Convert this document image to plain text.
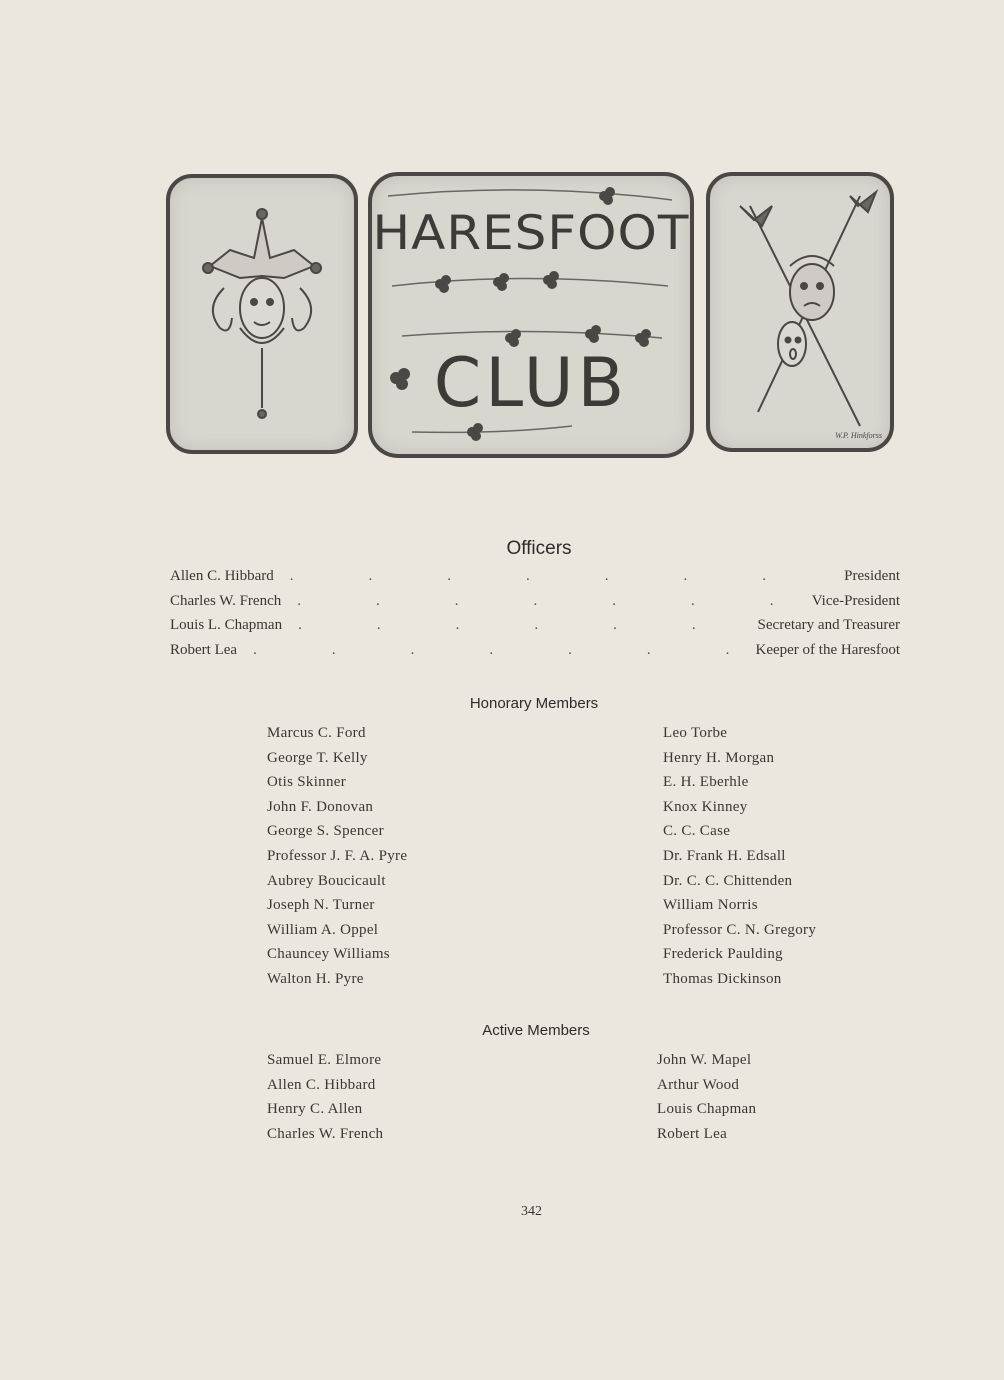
HARESFOOT
CLUB
W.P. Hinkforss
Officers
Allen C. Hibbard .	President
Charles W. French .	Vice-President
Louis L. Chapman .	Secretary and Treasurer
Robert Lea .	Keeper of the Haresfoot
Honorary Members
Marcus C. Ford
George T. Kelly
Otis Skinner
John F. Donovan
George S. Spencer
Professor J. F. A. Pyre
Aubrey Boucicault
Joseph N. Turner
William A. Oppel
Chauncey Williams
Walton H. Pyre
Leo Torbe
Henry H. Morgan
E. H. Eberhle
Knox Kinney
C. C. Case
Dr. Frank H. Edsall
Dr. C. C. Chittenden
William Norris
Professor C. N. Gregory
Frederick Paulding
Thomas Dickinson
Active Members
Samuel E. Elmore
Allen C. Hibbard
Henry C. Allen
Charles W. French
John W. Mapel
Arthur Wood
Louis Chapman
Robert Lea
342
